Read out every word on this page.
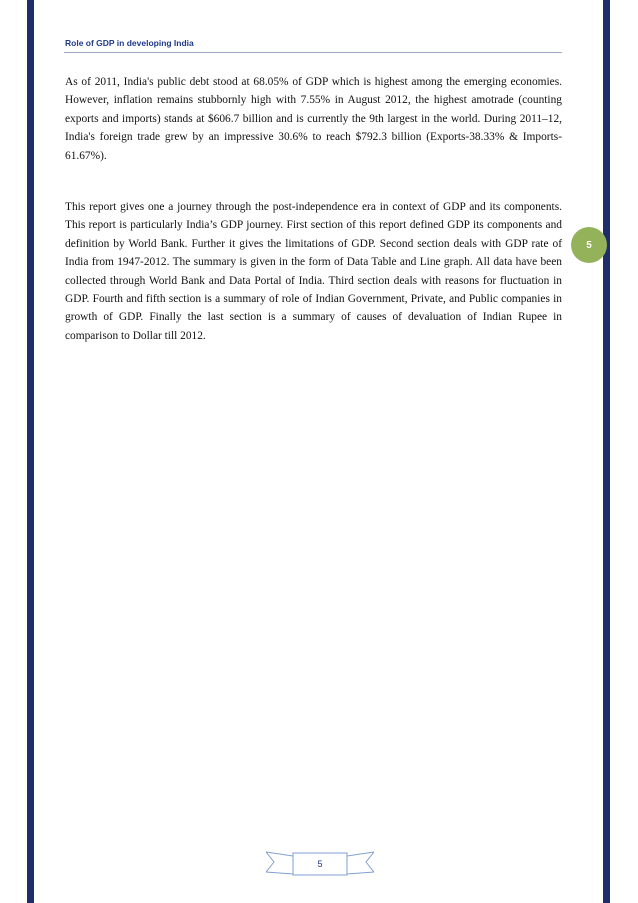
Role of GDP in developing India

As of 2011, India's public debt stood at 68.05% of GDP which is highest among the emerging economies. However, inflation remains stubbornly high with 7.55% in August 2012, the highest amotrade (counting exports and imports) stands at $606.7 billion and is currently the 9th largest in the world. During 2011–12, India's foreign trade grew by an impressive 30.6% to reach $792.3 billion (Exports-38.33% & Imports-61.67%).

This report gives one a journey through the post-independence era in context of GDP and its components. This report is particularly India’s GDP journey. First section of this report defined GDP its components and definition by World Bank. Further it gives the limitations of GDP. Second section deals with GDP rate of India from 1947-2012. The summary is given in the form of Data Table and Line graph. All data have been collected through World Bank and Data Portal of India. Third section deals with reasons for fluctuation in GDP. Fourth and fifth section is a summary of role of Indian Government, Private, and Public companies in growth of GDP. Finally the last section is a summary of causes of devaluation of Indian Rupee in comparison to Dollar till 2012.

5
5
